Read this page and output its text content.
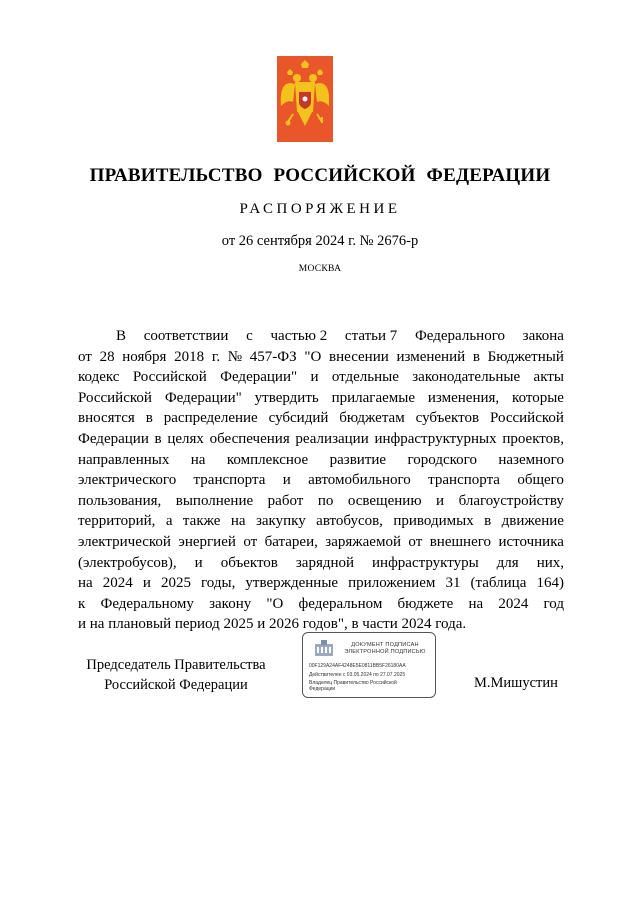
ПРАВИТЕЛЬСТВО РОССИЙСКОЙ ФЕДЕРАЦИИ
РАСПОРЯЖЕНИЕ
от 26 сентября 2024 г. № 2676-р
МОСКВА
В соответствии с частью 2 статьи 7 Федерального закона
от 28 ноября 2018 г. № 457-ФЗ "О внесении изменений в Бюджетный
кодекс Российской Федерации" и отдельные законодательные акты
Российской Федерации" утвердить прилагаемые изменения, которые
вносятся в распределение субсидий бюджетам субъектов Российской
Федерации в целях обеспечения реализации инфраструктурных проектов,
направленных на комплексное развитие городского наземного
электрического транспорта и автомобильного транспорта общего
пользования, выполнение работ по освещению и благоустройству
территорий, а также на закупку автобусов, приводимых в движение
электрической энергией от батареи, заряжаемой от внешнего источника
(электробусов), и объектов зарядной инфраструктуры для них,
на 2024 и 2025 годы, утвержденные приложением 31 (таблица 164)
к Федеральному закону "О федеральном бюджете на 2024 год
и на плановый период 2025 и 2026 годов", в части 2024 года.
Председатель Правительства
Российской Федерации
ДОКУМЕНТ ПОДПИСАН
ЭЛЕКТРОННОЙ ПОДПИСЬЮ
00F129A24AF4248E5E0811BB5F26180AA
Действителен с 03.05.2024 по 27.07.2025
Владелец Правительство Российской
Федерации	М.Мишустин
